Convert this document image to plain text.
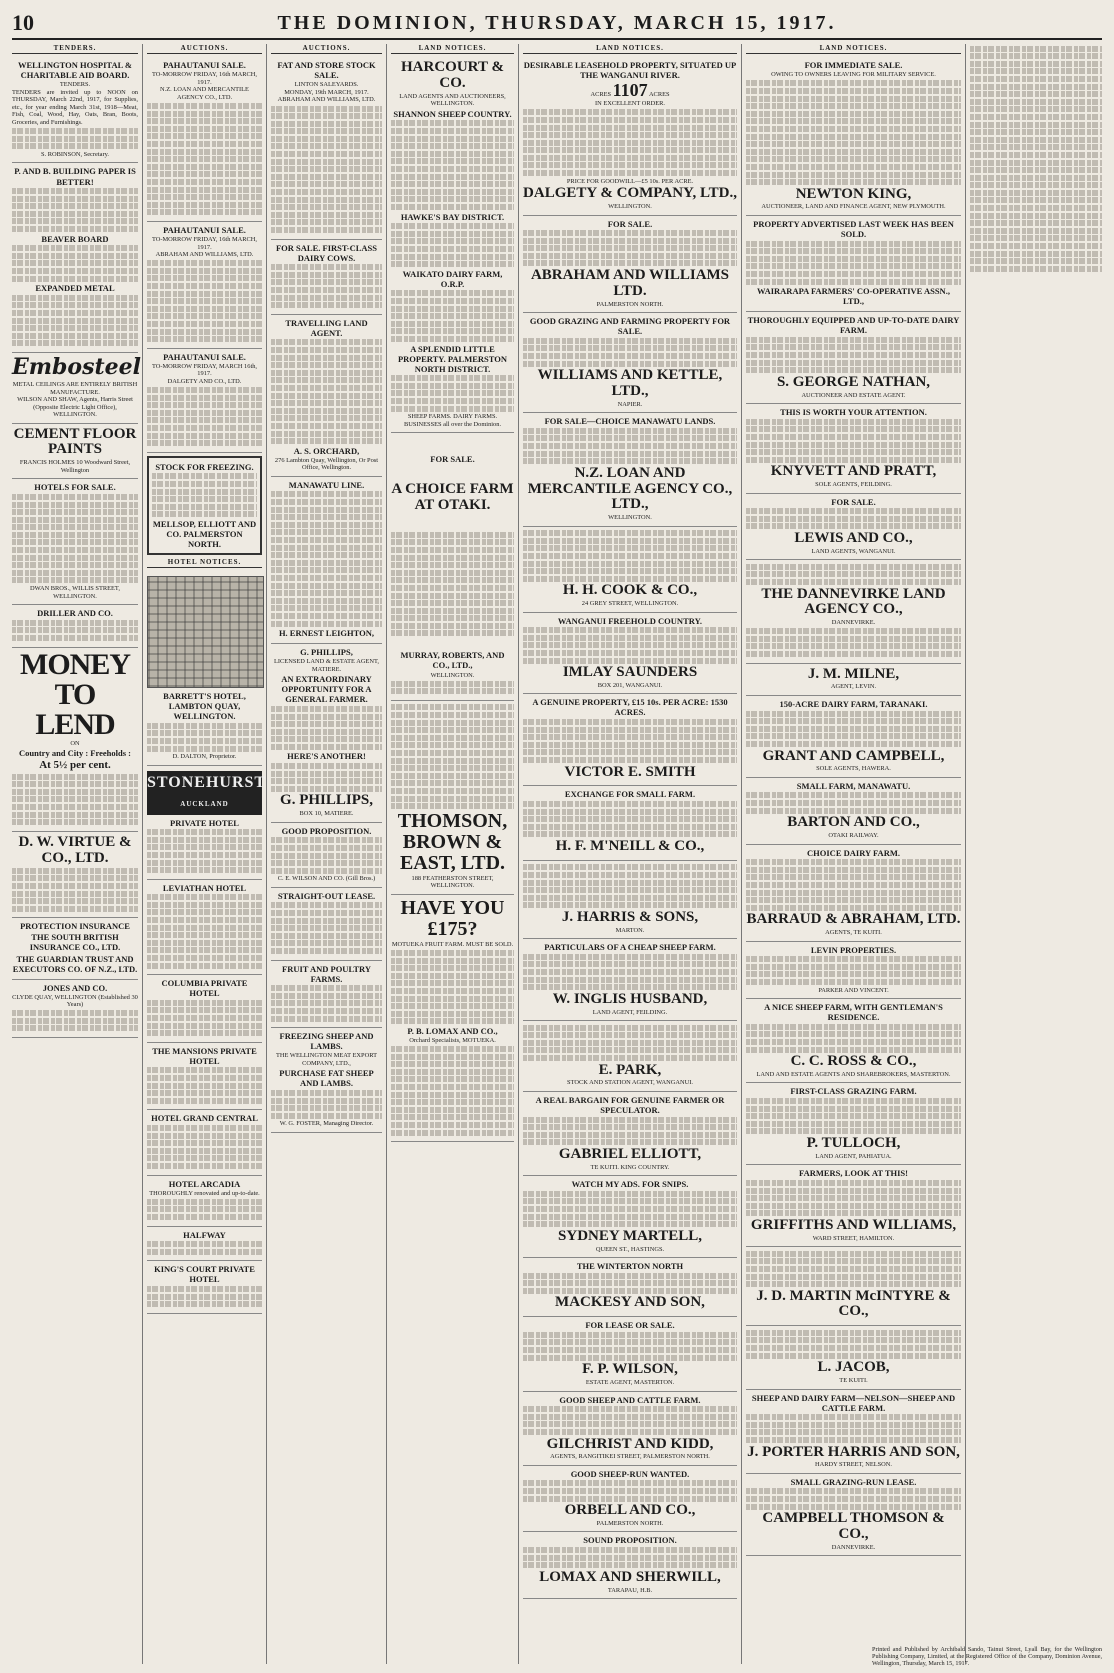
10	THE DOMINION, THURSDAY, MARCH 15, 1917.
TENDERS.
WELLINGTON HOSPITAL & CHARITABLE AID BOARD.
TENDERS.
TENDERS are invited up to NOON on THURSDAY, March 22nd, 1917, for Supplies, etc., for year ending March 31st, 1918—Meat, Fish, Coal, Wood, Hay, Oats, Bran, Boots, Groceries, and Furnishings.
S. ROBINSON, Secretary.
P. AND B. BUILDING PAPER IS BETTER!
BEAVER BOARD
EXPANDED METAL
Embosteel
METAL CEILINGS ARE ENTIRELY BRITISH MANUFACTURE.
WILSON AND SHAW, Agents, Harris Street (Opposite Electric Light Office), WELLINGTON.
CEMENT FLOOR PAINTS
FRANCIS HOLMES 10 Woodward Street, Wellington
HOTELS FOR SALE.
DWAN BROS., WILLIS STREET, WELLINGTON.
DRILLER AND CO.
MONEY TO LEND
ON
Country and City : Freeholds :
At 5½ per cent.
D. W. VIRTUE & CO., LTD.
PROTECTION INSURANCE
THE SOUTH BRITISH INSURANCE CO., LTD.
THE GUARDIAN TRUST AND EXECUTORS CO. OF N.Z., LTD.
JONES AND CO.
CLYDE QUAY, WELLINGTON (Established 30 Years)
AUCTIONS.
PAHAUTANUI SALE.
TO-MORROW FRIDAY, 16th MARCH, 1917.
N.Z. LOAN AND MERCANTILE AGENCY CO., LTD.
PAHAUTANUI SALE.
TO-MORROW FRIDAY, 16th MARCH, 1917.
ABRAHAM AND WILLIAMS, LTD.
PAHAUTANUI SALE.
TO-MORROW FRIDAY, MARCH 16th, 1917.
DALGETY AND CO., LTD.
STOCK FOR FREEZING.
MELLSOP, ELLIOTT AND CO. PALMERSTON NORTH.
HOTEL NOTICES.
BARRETT'S HOTEL, LAMBTON QUAY, WELLINGTON.
D. DALTON, Proprietor.
STONEHURST AUCKLAND
PRIVATE HOTEL
LEVIATHAN HOTEL
COLUMBIA PRIVATE HOTEL
THE MANSIONS PRIVATE HOTEL
HOTEL GRAND CENTRAL
HOTEL ARCADIA
THOROUGHLY renovated and up-to-date.
HALFWAY
KING'S COURT PRIVATE HOTEL
AUCTIONS.
FAT AND STORE STOCK SALE.
LINTON SALEYARDS.
MONDAY, 19th MARCH, 1917.
ABRAHAM AND WILLIAMS, LTD.
FOR SALE. FIRST-CLASS DAIRY COWS.
TRAVELLING LAND AGENT.
A. S. ORCHARD,
276 Lambton Quay, Wellington, Or Post Office, Wellington.
MANAWATU LINE.
H. ERNEST LEIGHTON,
G. PHILLIPS,
LICENSED LAND & ESTATE AGENT, MATIERE.
AN EXTRAORDINARY OPPORTUNITY FOR A GENERAL FARMER.
HERE'S ANOTHER!
G. PHILLIPS,
BOX 10, MATIERE.
GOOD PROPOSITION.
C. E. WILSON AND CO. (Gill Bros.)
STRAIGHT-OUT LEASE.
FRUIT AND POULTRY FARMS.
FREEZING SHEEP AND LAMBS.
THE WELLINGTON MEAT EXPORT COMPANY, LTD.,
PURCHASE FAT SHEEP AND LAMBS.
W. G. FOSTER, Managing Director.
LAND NOTICES.
HARCOURT & CO.
LAND AGENTS AND AUCTIONEERS, WELLINGTON.
SHANNON SHEEP COUNTRY.
HAWKE'S BAY DISTRICT.
WAIKATO DAIRY FARM, O.R.P.
A SPLENDID LITTLE PROPERTY. PALMERSTON NORTH DISTRICT.
SHEEP FARMS. DAIRY FARMS. BUSINESSES all over the Dominion.
FOR SALE.
A CHOICE FARM AT OTAKI.
MURRAY, ROBERTS, AND CO., LTD.,
WELLINGTON.
THOMSON, BROWN & EAST, LTD.
188 FEATHERSTON STREET, WELLINGTON.
HAVE YOU £175?
MOTUEKA FRUIT FARM. MUST BE SOLD.
P. B. LOMAX AND CO.,
Orchard Specialists, MOTUEKA.
LAND NOTICES.
DESIRABLE LEASEHOLD PROPERTY, SITUATED UP THE WANGANUI RIVER.
ACRES 1107 ACRES
IN EXCELLENT ORDER.
PRICE FOR GOODWILL—£5 10s. PER ACRE.
DALGETY & COMPANY, LTD.,
WELLINGTON.
FOR SALE.
ABRAHAM AND WILLIAMS LTD.
PALMERSTON NORTH.
GOOD GRAZING AND FARMING PROPERTY FOR SALE.
WILLIAMS AND KETTLE, LTD.,
NAPIER.
FOR SALE—CHOICE MANAWATU LANDS.
N.Z. LOAN AND MERCANTILE AGENCY CO., LTD.,
WELLINGTON.
H. H. COOK & CO.,
24 GREY STREET, WELLINGTON.
WANGANUI FREEHOLD COUNTRY.
IMLAY SAUNDERS
BOX 201, WANGANUI.
A GENUINE PROPERTY, £15 10s. PER ACRE: 1530 ACRES.
VICTOR E. SMITH
EXCHANGE FOR SMALL FARM.
H. F. M'NEILL & CO.,
J. HARRIS & SONS,
MARTON.
PARTICULARS OF A CHEAP SHEEP FARM.
W. INGLIS HUSBAND,
LAND AGENT, FEILDING.
E. PARK,
STOCK AND STATION AGENT, WANGANUI.
A REAL BARGAIN FOR GENUINE FARMER OR SPECULATOR.
GABRIEL ELLIOTT,
TE KUITI. KING COUNTRY.
WATCH MY ADS. FOR SNIPS.
SYDNEY MARTELL,
QUEEN ST., HASTINGS.
THE WINTERTON NORTH
MACKESY AND SON,
FOR LEASE OR SALE.
F. P. WILSON,
ESTATE AGENT, MASTERTON.
GOOD SHEEP AND CATTLE FARM.
GILCHRIST AND KIDD,
AGENTS, RANGITIKEI STREET, PALMERSTON NORTH.
GOOD SHEEP-RUN WANTED.
ORBELL AND CO.,
PALMERSTON NORTH.
SOUND PROPOSITION.
LOMAX AND SHERWILL,
TARAPAU, H.B.
LAND NOTICES.
FOR IMMEDIATE SALE.
OWING TO OWNERS LEAVING FOR MILITARY SERVICE.
NEWTON KING,
AUCTIONEER, LAND AND FINANCE AGENT, NEW PLYMOUTH.
PROPERTY ADVERTISED LAST WEEK HAS BEEN SOLD.
WAIRARAPA FARMERS' CO-OPERATIVE ASSN., LTD.,
THOROUGHLY EQUIPPED AND UP-TO-DATE DAIRY FARM.
S. GEORGE NATHAN,
AUCTIONEER AND ESTATE AGENT.
THIS IS WORTH YOUR ATTENTION.
KNYVETT AND PRATT,
SOLE AGENTS, FEILDING.
FOR SALE.
LEWIS AND CO.,
LAND AGENTS, WANGANUI.
THE DANNEVIRKE LAND AGENCY CO.,
DANNEVIRKE.
J. M. MILNE,
AGENT, LEVIN.
150-ACRE DAIRY FARM, TARANAKI.
GRANT AND CAMPBELL,
SOLE AGENTS, HAWERA.
SMALL FARM, MANAWATU.
BARTON AND CO.,
OTAKI RAILWAY.
CHOICE DAIRY FARM.
BARRAUD & ABRAHAM, LTD.
AGENTS, TE KUITI.
LEVIN PROPERTIES.
PARKER AND VINCENT.
A NICE SHEEP FARM, WITH GENTLEMAN'S RESIDENCE.
C. C. ROSS & CO.,
LAND AND ESTATE AGENTS AND SHAREBROKERS, MASTERTON.
FIRST-CLASS GRAZING FARM.
P. TULLOCH,
LAND AGENT, PAHIATUA.
FARMERS, LOOK AT THIS!
GRIFFITHS AND WILLIAMS,
WARD STREET, HAMILTON.
J. D. MARTIN McINTYRE & CO.,
L. JACOB,
TE KUITI.
SHEEP AND DAIRY FARM—NELSON—SHEEP AND CATTLE FARM.
J. PORTER HARRIS AND SON,
HARDY STREET, NELSON.
SMALL GRAZING-RUN LEASE.
CAMPBELL THOMSON & CO.,
DANNEVIRKE.
Printed and Published by Archibald Sando, Tainui Street, Lyall Bay, for the Wellington Publishing Company, Limited, at the Registered Office of the Company, Dominion Avenue, Wellington, Thursday, March 15, 1917.
